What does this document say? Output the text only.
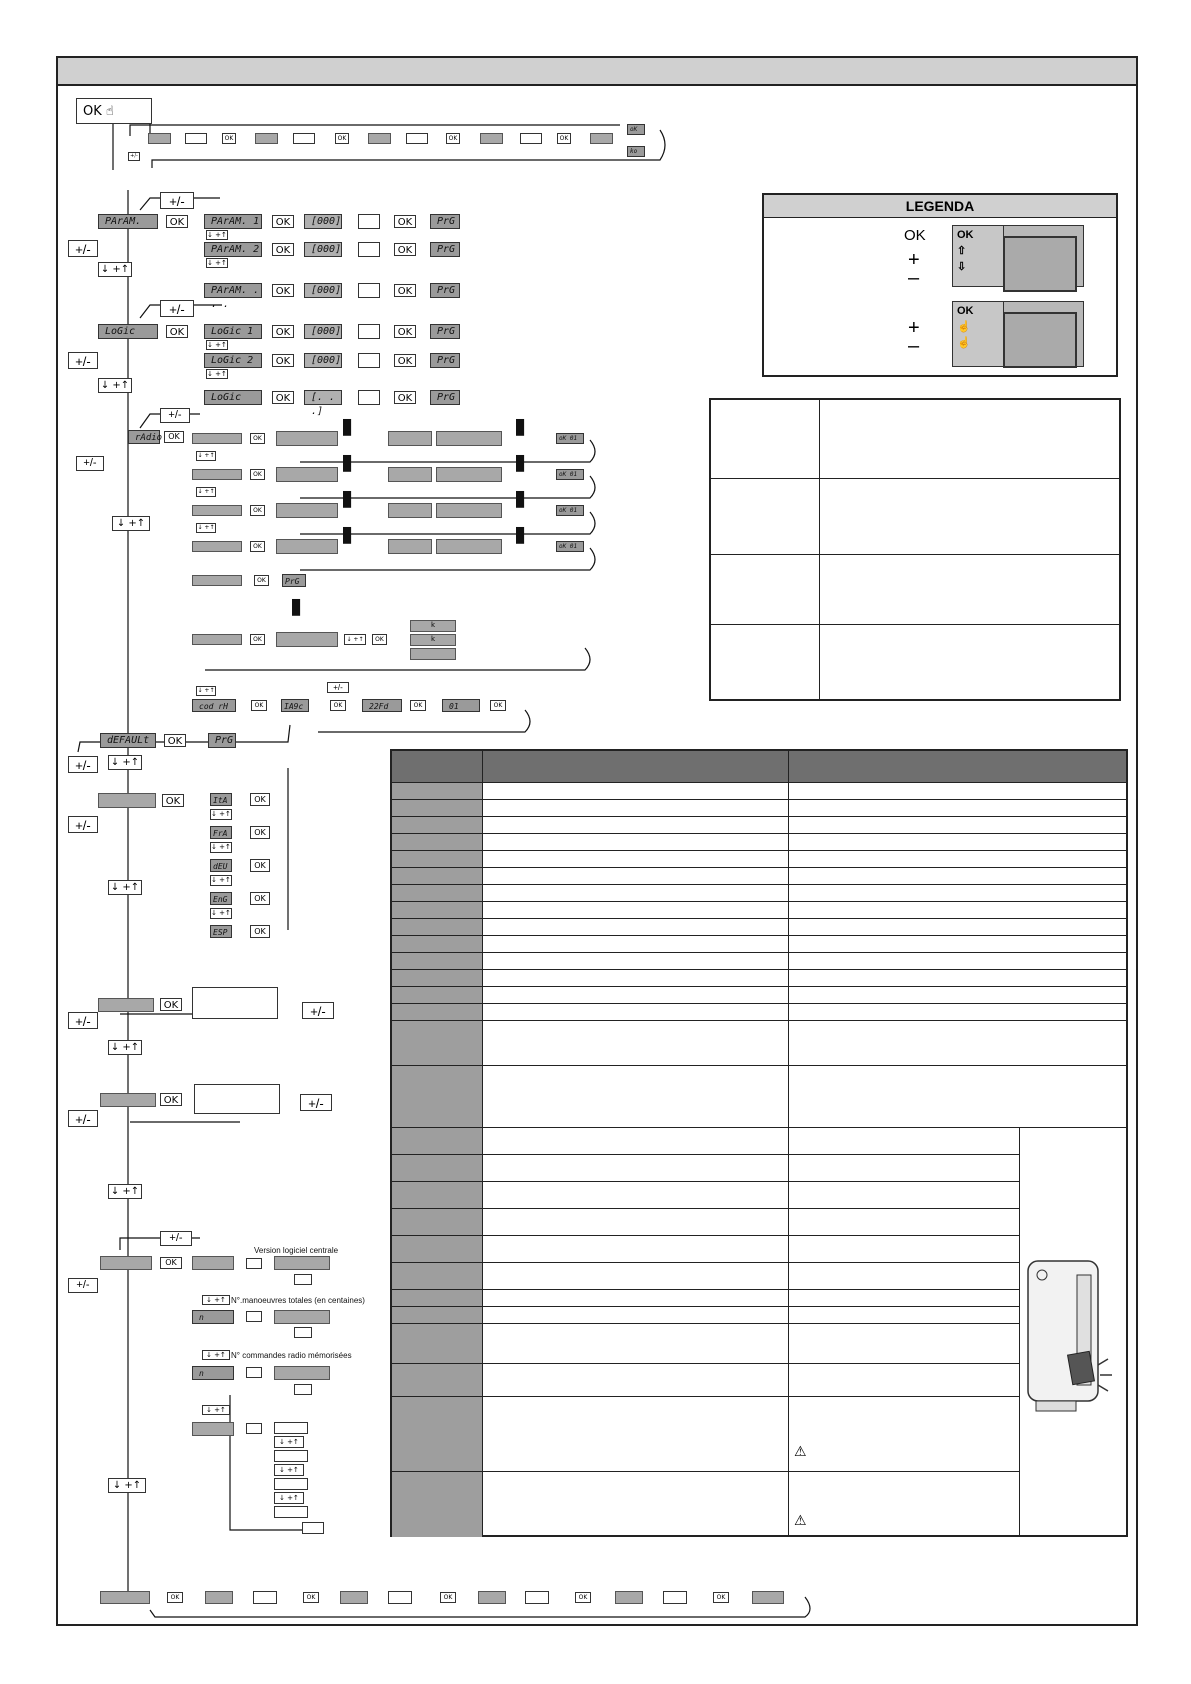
OK ☝
OK	OK	OK	OK
oK
ko
+/-
+/-
PArAM.	OK
+/-
↓ +↑
PArAM. 1	OK	[000]	OK	PrG
↓ +↑
PArAM. 2	OK	[000]	OK	PrG
↓ +↑
PArAM. . . .
OK	[000]	OK	PrG
+/-
LoGic	OK
+/-
↓ +↑
LoGic 1	OK	[000]	OK	PrG
↓ +↑
LoGic 2	OK	[000]	OK	PrG
↓ +↑
LoGic	OK	[. . .]
OK	PrG
+/-
rAdio OK
+/-
↓ +↑
OK	▮	▮	oK 01
↓ +↑
OK	▮	▮	oK 01
↓ +↑
OK	▮	▮	oK 01
↓ +↑
OK	▮	▮	oK 01
OK	PrG
OK
▮
↓ +↑	OK
k
k
↓ +↑	+/-
cod rH	OK	IA9c	OK	22Fd	OK	01	OK
dEFAULt	OK	PrG
+/-	↓ +↑
OK
+/-
↓ +↑
ItA	OK
↓ +↑
FrA	OK
↓ +↑
dEU	OK
↓ +↑
EnG	OK
↓ +↑
ESP	OK
OK	+/-
+/-
↓ +↑
OK	+/-
+/-
↓ +↑
+/-
OK
+/-
Version logiciel centrale
↓ +↑ N°.manoeuvres totales (en centaines)
n
↓ +↑ N° commandes radio mémorisées
n
↓ +↑
↓ +↑
↓ +↑
↓ +↑
↓ +↑
OK	OK	OK	OK	OK
LEGENDA
OK
+
–
+
–
OK
⇧
⇩
OK
☝
☝
⚠
⚠
